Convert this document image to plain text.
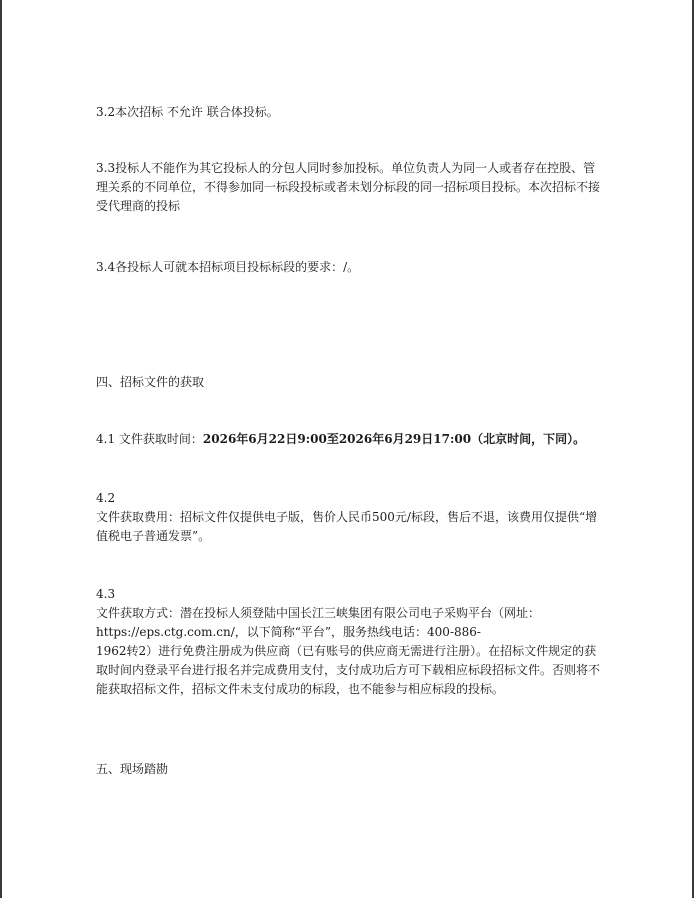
3.2本次招标 不允许 联合体投标。

3.3投标人不能作为其它投标人的分包人同时参加投标。单位负责人为同一人或者存在控股、管理关系的不同单位，不得参加同一标段投标或者未划分标段的同一招标项目投标。本次招标不接受代理商的投标

3.4各投标人可就本招标项目投标标段的要求：/。

四、招标文件的获取

4.1 文件获取时间：2026年6月22日9:00至2026年6月29日17:00（北京时间，下同）。

4.2

文件获取费用：招标文件仅提供电子版，售价人民币500元/标段，售后不退，该费用仅提供“增值税电子普通发票”。

4.3

文件获取方式：潜在投标人须登陆中国长江三峡集团有限公司电子采购平台（网址：

https://eps.ctg.com.cn/，以下简称“平台”，服务热线电话：400-886-

1962转2）进行免费注册成为供应商（已有账号的供应商无需进行注册）。在招标文件规定的获取时间内登录平台进行报名并完成费用支付，支付成功后方可下载相应标段招标文件。否则将不能获取招标文件，招标文件未支付成功的标段，也不能参与相应标段的投标。

五、现场踏勘
